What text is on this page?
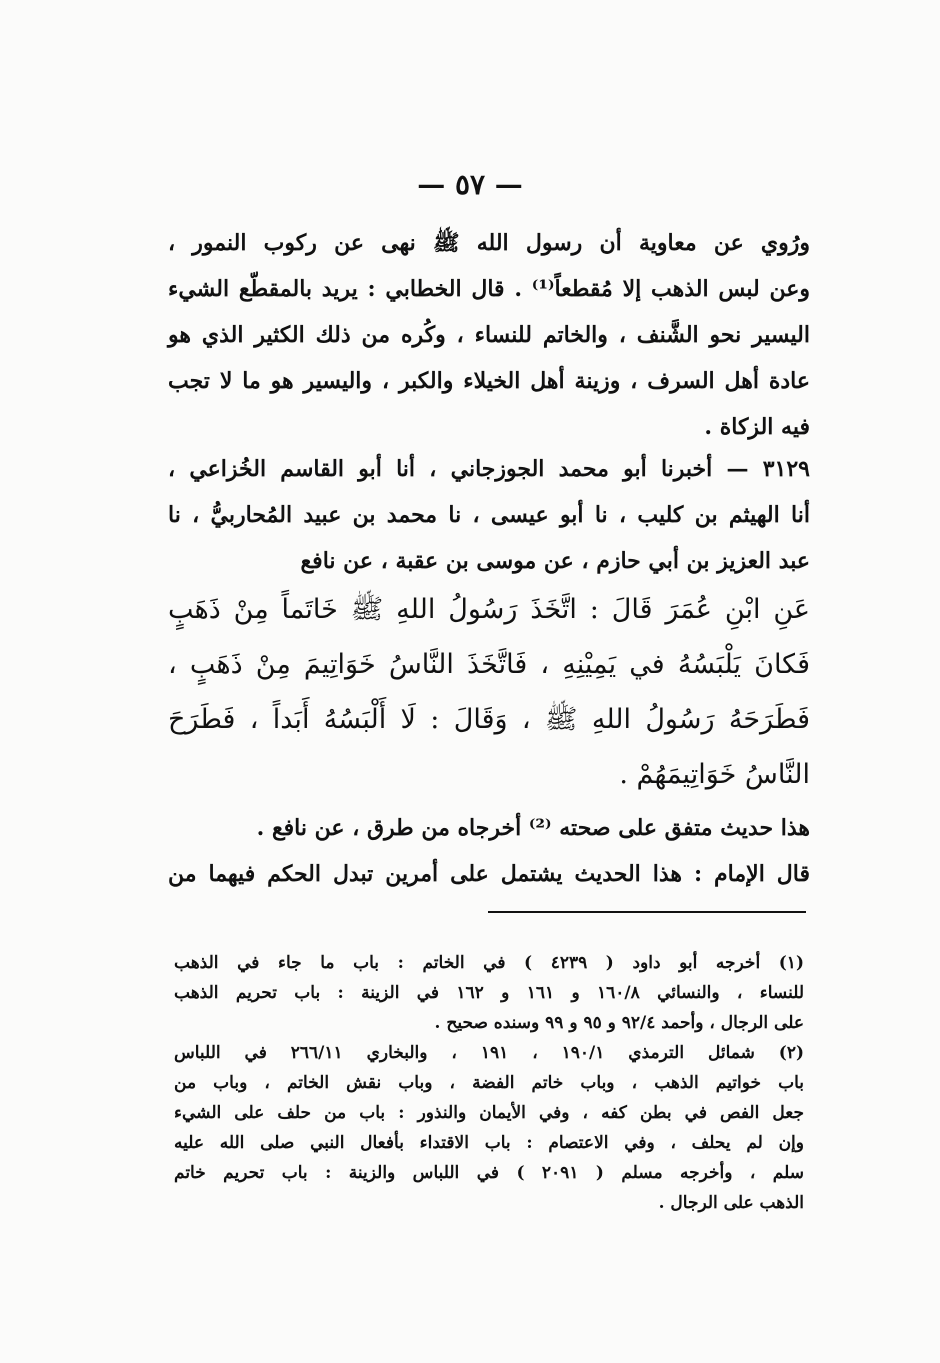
— ٥٧ —
ورُوي عن معاوية أن رسول الله ﷺ نهى عن ركوب النمور ،
وعن لبس الذهب إلا مُقطعاً⁽¹⁾ . قال الخطابي : يريد بالمقطّع الشيء
اليسير نحو الشَّنف ، والخاتم للنساء ، وكُره من ذلك الكثير الذي هو
عادة أهل السرف ، وزينة أهل الخيلاء والكبر ، واليسير هو ما لا تجب
فيه الزكاة .
٣١٢٩ — أخبرنا أبو محمد الجوزجاني ، أنا أبو القاسم الخُزاعي ،
أنا الهيثم بن كليب ، نا أبو عيسى ، نا محمد بن عبيد المُحاربيُّ ، نا
عبد العزيز بن أبي حازم ، عن موسى بن عقبة ، عن نافع
عَنِ ابْنِ عُمَرَ قَالَ : اتَّخَذَ رَسُولُ اللهِ ﷺ خَاتَماً مِنْ ذَهَبٍ
فَكانَ يَلْبَسُهُ في يَمِيْنِهِ ، فَاتَّخَذَ النَّاسُ خَوَاتِيمَ مِنْ ذَهَبٍ ،
فَطَرَحَهُ رَسُولُ اللهِ ﷺ ، وَقَالَ : لَا أَلْبَسُهُ أَبَداً ، فَطَرَحَ
النَّاسُ خَوَاتِيمَهُمْ .
هذا حديث متفق على صحته ⁽²⁾ أخرجاه من طرق ، عن نافع .
قال الإمام : هذا الحديث يشتمل على أمرين تبدل الحكم فيهما من
(١) أخرجه أبو داود ( ٤٢٣٩ ) في الخاتم : باب ما جاء في الذهب
للنساء ، والنسائي ١٦٠/٨ و ١٦١ و ١٦٢ في الزينة : باب تحريم الذهب
على الرجال ، وأحمد ٩٢/٤ و ٩٥ و ٩٩ وسنده صحيح .
(٢) شمائل الترمذي ١٩٠/١ ، ١٩١ ، والبخاري ٢٦٦/١١ في اللباس
باب خواتيم الذهب ، وباب خاتم الفضة ، وباب نقش الخاتم ، وباب من
جعل الفص في بطن كفه ، وفي الأيمان والنذور : باب من حلف على الشيء
وإن لم يحلف ، وفي الاعتصام : باب الاقتداء بأفعال النبي صلى الله عليه
سلم ، وأخرجه مسلم ( ٢٠٩١ ) في اللباس والزينة : باب تحريم خاتم
الذهب على الرجال .
